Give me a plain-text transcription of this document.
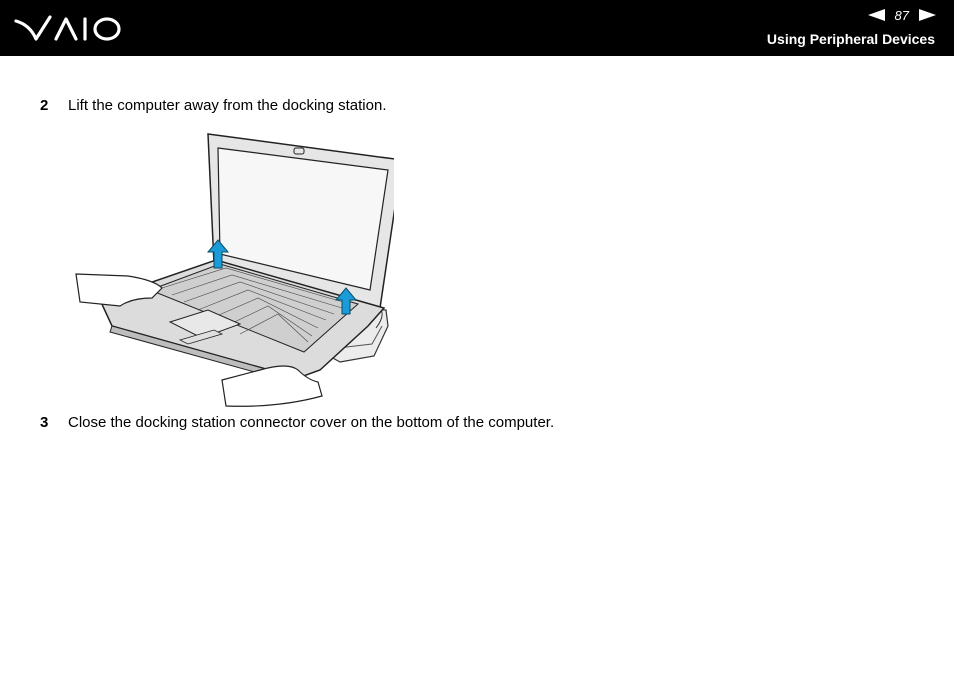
87
Using Peripheral Devices
2 Lift the computer away from the docking station.
3 Close the docking station connector cover on the bottom of the computer.
